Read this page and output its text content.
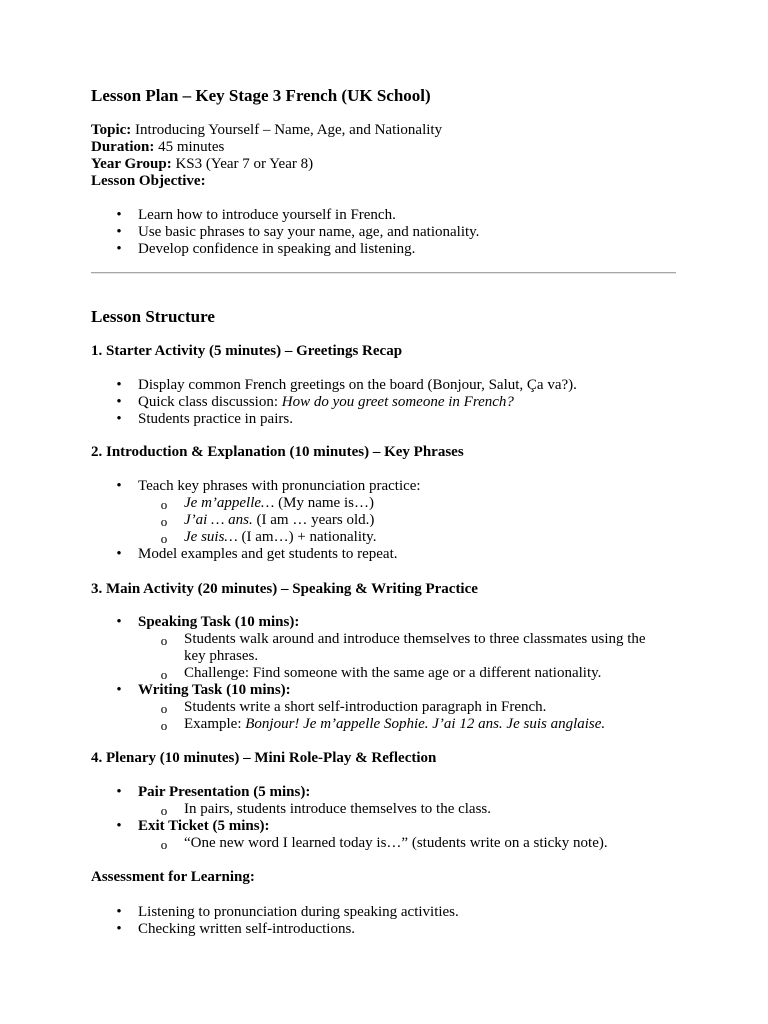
Lesson Plan – Key Stage 3 French (UK School)
Topic: Introducing Yourself – Name, Age, and Nationality
Duration: 45 minutes
Year Group: KS3 (Year 7 or Year 8)
Lesson Objective:
• Learn how to introduce yourself in French.
• Use basic phrases to say your name, age, and nationality.
• Develop confidence in speaking and listening.
Lesson Structure
1. Starter Activity (5 minutes) – Greetings Recap
• Display common French greetings on the board (Bonjour, Salut, Ça va?).
• Quick class discussion: How do you greet someone in French?
• Students practice in pairs.
2. Introduction & Explanation (10 minutes) – Key Phrases
• Teach key phrases with pronunciation practice:
o Je m’appelle… (My name is…)
o J’ai … ans. (I am … years old.)
o Je suis… (I am…) + nationality.
• Model examples and get students to repeat.
3. Main Activity (20 minutes) – Speaking & Writing Practice
• Speaking Task (10 mins):
o Students walk around and introduce themselves to three classmates using the
key phrases.
o Challenge: Find someone with the same age or a different nationality.
• Writing Task (10 mins):
o Students write a short self-introduction paragraph in French.
o Example: Bonjour! Je m’appelle Sophie. J’ai 12 ans. Je suis anglaise.
4. Plenary (10 minutes) – Mini Role-Play & Reflection
• Pair Presentation (5 mins):
o In pairs, students introduce themselves to the class.
• Exit Ticket (5 mins):
o “One new word I learned today is…” (students write on a sticky note).
Assessment for Learning:
• Listening to pronunciation during speaking activities.
• Checking written self-introductions.
